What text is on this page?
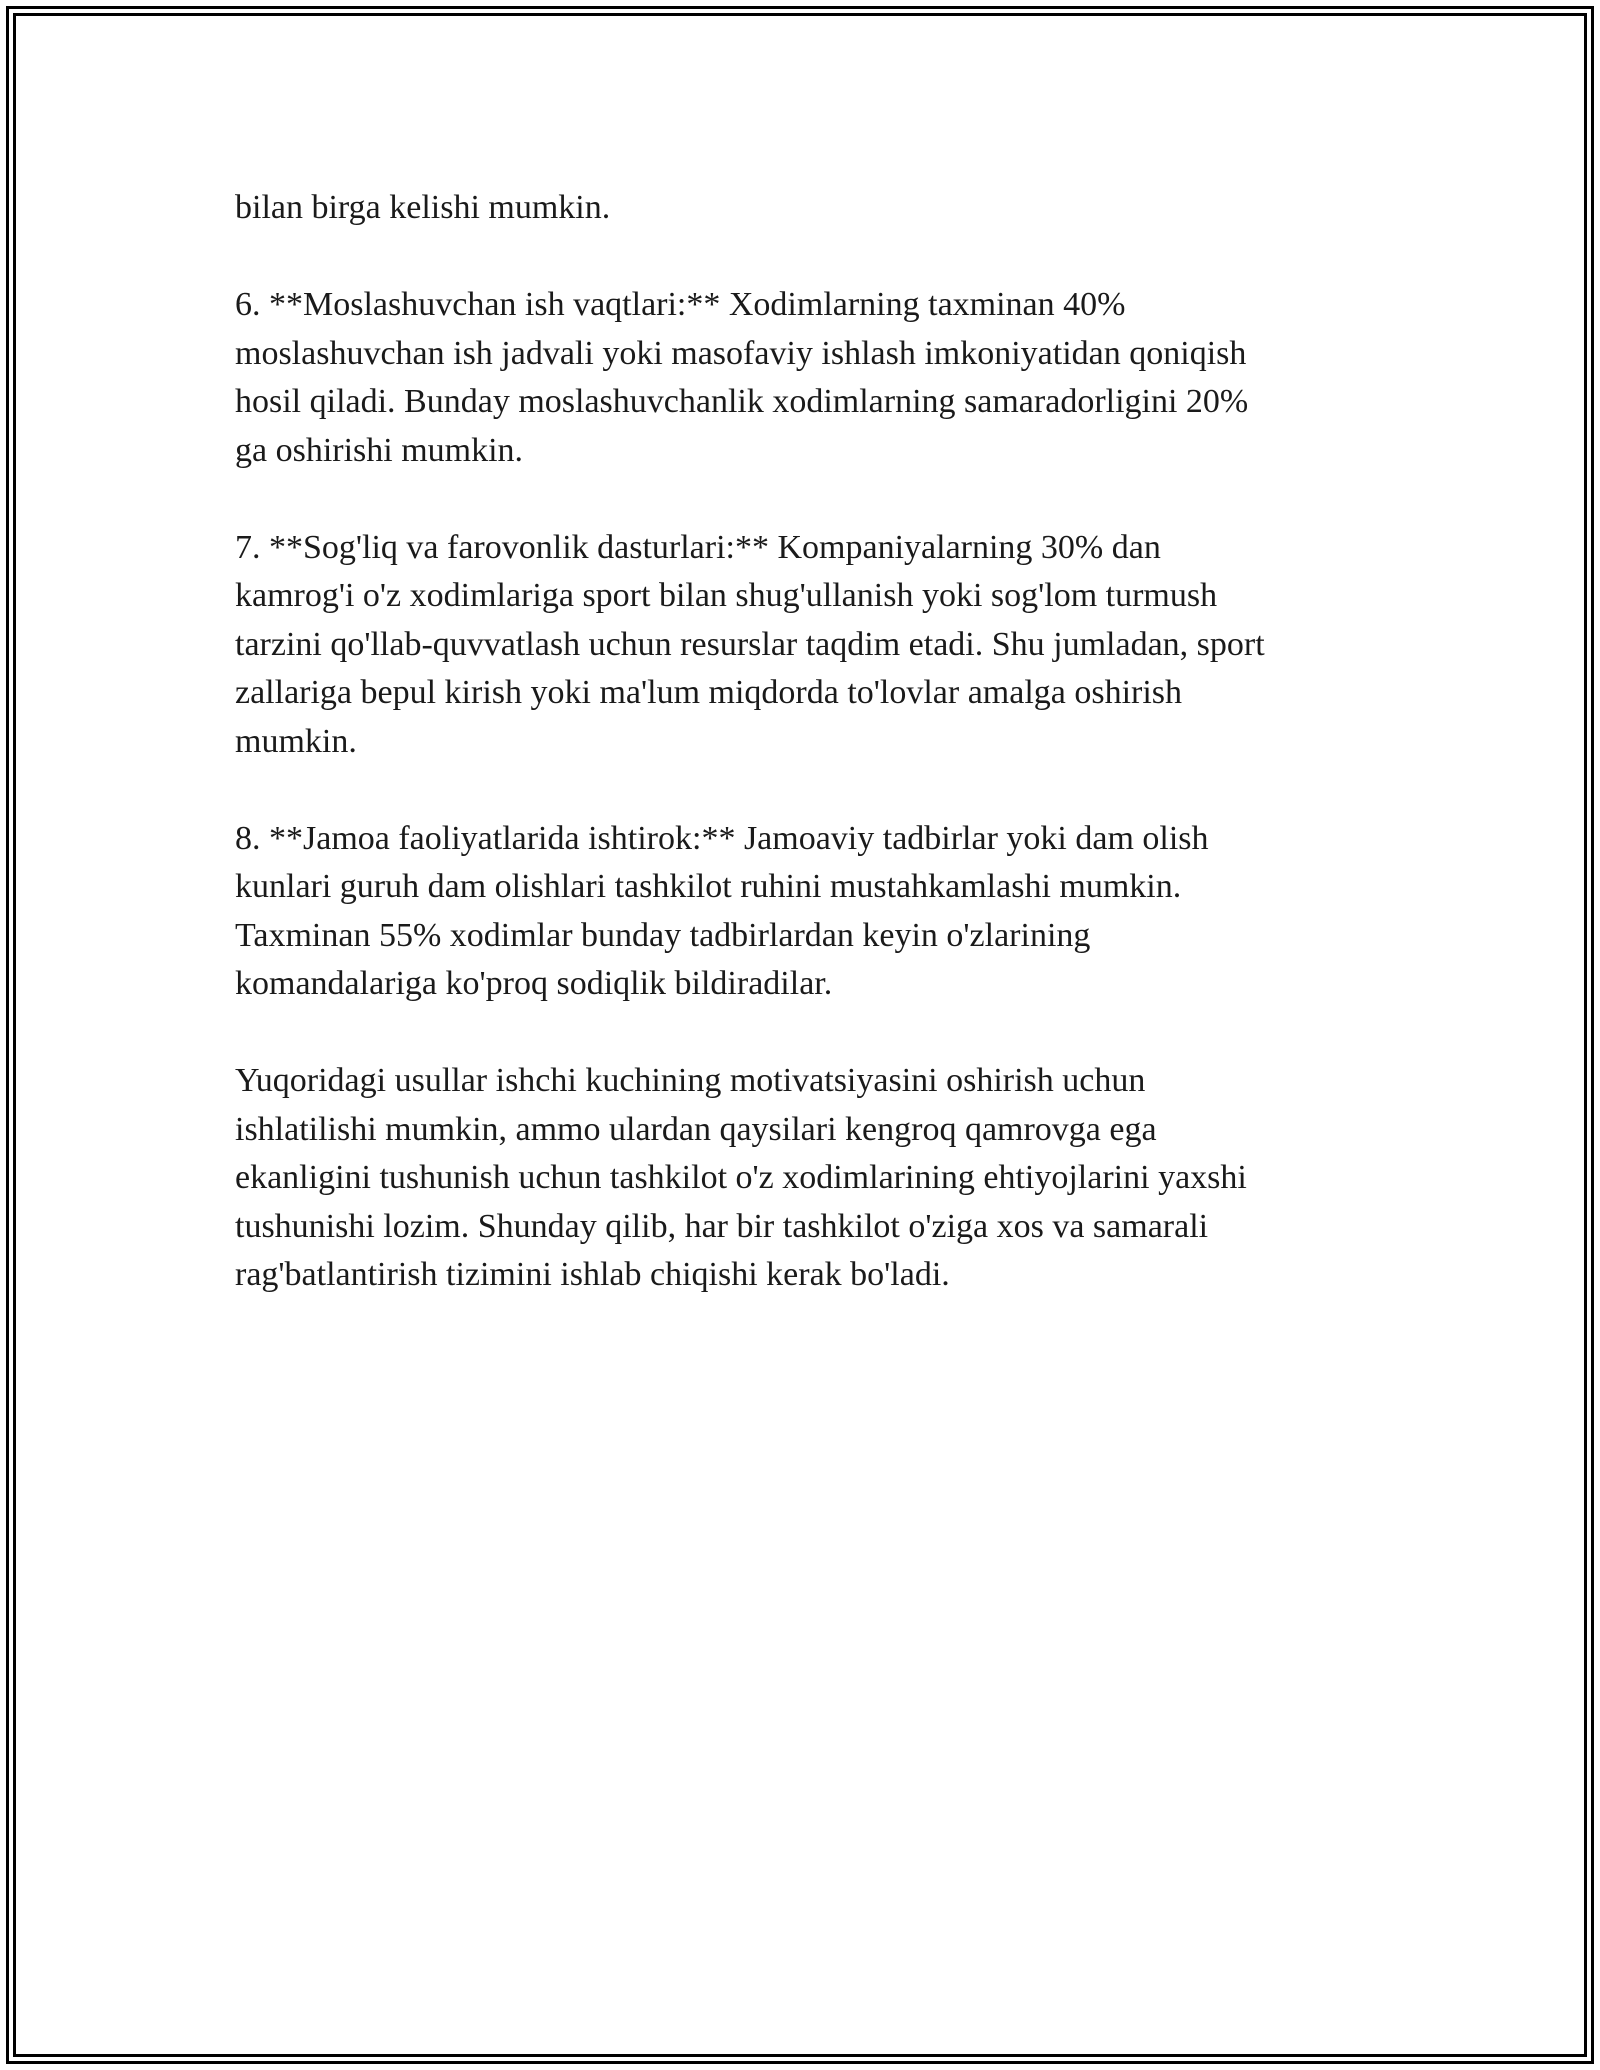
bilan birga kelishi mumkin.

6. **Moslashuvchan ish vaqtlari:** Xodimlarning taxminan 40%
moslashuvchan ish jadvali yoki masofaviy ishlash imkoniyatidan qoniqish
hosil qiladi. Bunday moslashuvchanlik xodimlarning samaradorligini 20%
ga oshirishi mumkin.

7. **Sog'liq va farovonlik dasturlari:** Kompaniyalarning 30% dan
kamrog'i o'z xodimlariga sport bilan shug'ullanish yoki sog'lom turmush
tarzini qo'llab-quvvatlash uchun resurslar taqdim etadi. Shu jumladan, sport
zallariga bepul kirish yoki ma'lum miqdorda to'lovlar amalga oshirish
mumkin.

8. **Jamoa faoliyatlarida ishtirok:** Jamoaviy tadbirlar yoki dam olish
kunlari guruh dam olishlari tashkilot ruhini mustahkamlashi mumkin.
Taxminan 55% xodimlar bunday tadbirlardan keyin o'zlarining
komandalariga ko'proq sodiqlik bildiradilar.

Yuqoridagi usullar ishchi kuchining motivatsiyasini oshirish uchun
ishlatilishi mumkin, ammo ulardan qaysilari kengroq qamrovga ega
ekanligini tushunish uchun tashkilot o'z xodimlarining ehtiyojlarini yaxshi
tushunishi lozim. Shunday qilib, har bir tashkilot o'ziga xos va samarali
rag'batlantirish tizimini ishlab chiqishi kerak bo'ladi.
